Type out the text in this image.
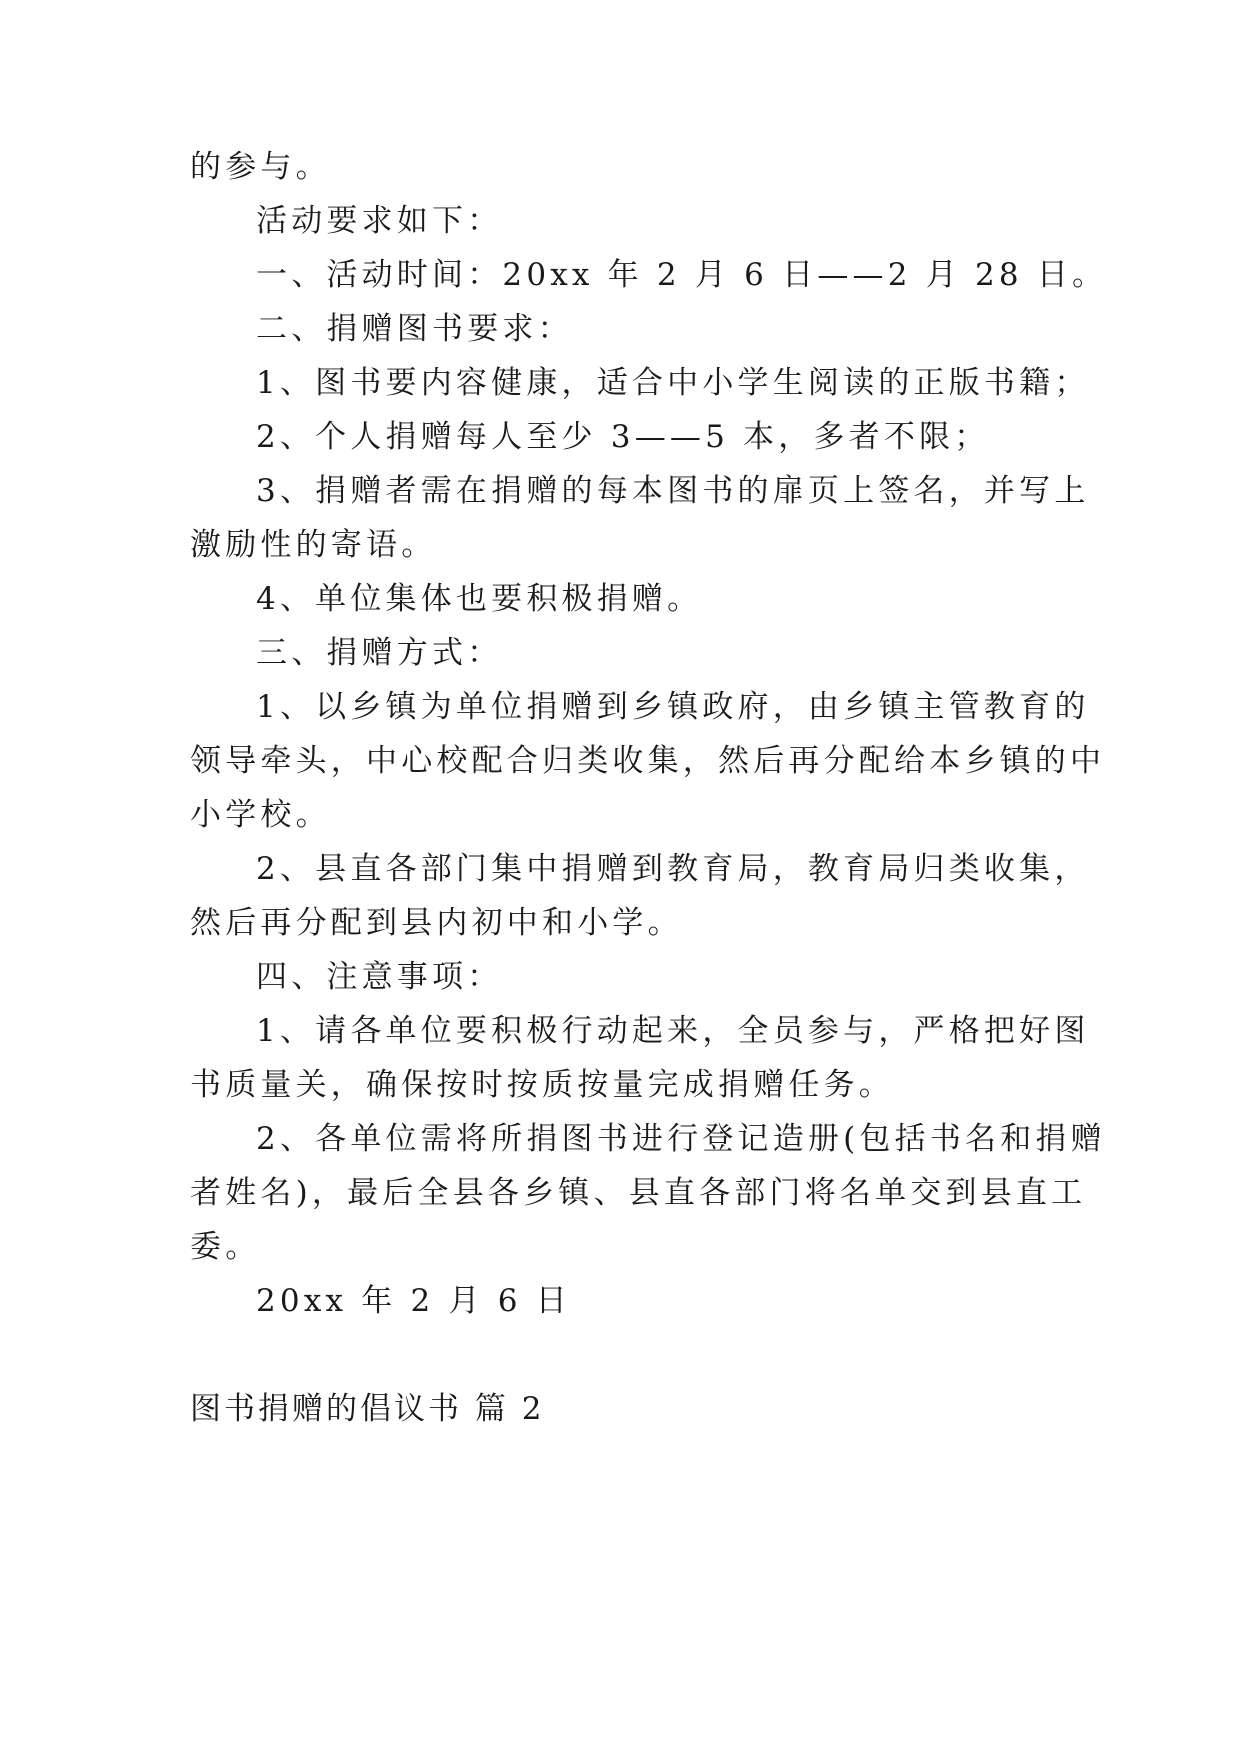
的参与。
活动要求如下：
一、活动时间：20xx 年 2 月 6 日——2 月 28 日。
二、捐赠图书要求：
1、图书要内容健康，适合中小学生阅读的正版书籍；
2、个人捐赠每人至少 3——5 本，多者不限；
3、捐赠者需在捐赠的每本图书的扉页上签名，并写上
激励性的寄语。
4、单位集体也要积极捐赠。
三、捐赠方式：
1、以乡镇为单位捐赠到乡镇政府，由乡镇主管教育的
领导牵头，中心校配合归类收集，然后再分配给本乡镇的中
小学校。
2、县直各部门集中捐赠到教育局，教育局归类收集，
然后再分配到县内初中和小学。
四、注意事项：
1、请各单位要积极行动起来，全员参与，严格把好图
书质量关，确保按时按质按量完成捐赠任务。
2、各单位需将所捐图书进行登记造册(包括书名和捐赠
者姓名)，最后全县各乡镇、县直各部门将名单交到县直工
委。
20xx 年 2 月 6 日
图书捐赠的倡议书 篇 2
